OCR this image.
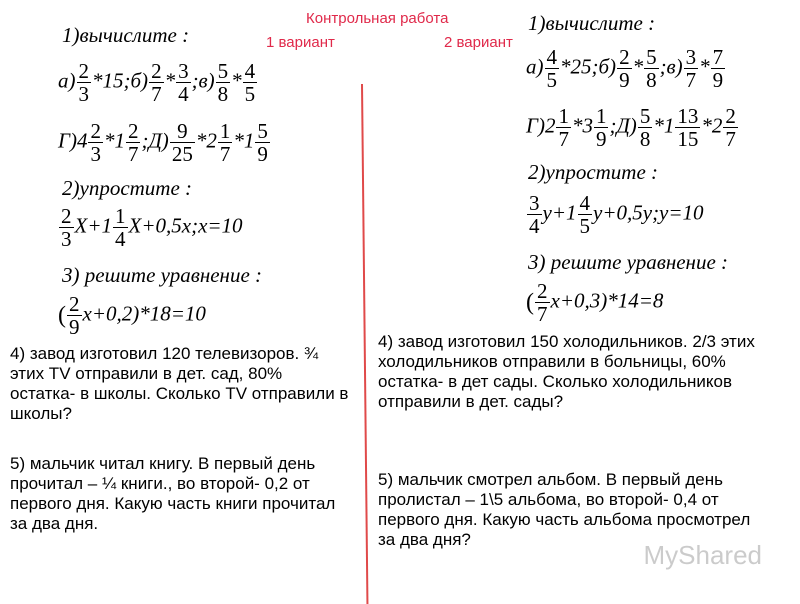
Контрольная работа
1 вариант	2 вариант
1)вычислите :
$a) \frac{2}{3}$ *15;б) $\frac{2}{7} * \frac{3}{4}$ ;в) $\frac{5}{8} * \frac{4}{5}$
$Г)4 \frac{2}{3} *1 \frac{2}{7}$ ;Д) $\frac{9}{25} *2 \frac{1}{7} *1 \frac{5}{9}$
2)упростите :
$\frac{2}{3} X+1 \frac{1}{4}$ X+0,5x;x=10
3) решите уравнение :
( $\frac{2}{9} x+0,2)*18=10$

4) завод изготовил 120 телевизоров. ¾ этих TV отправили в дет. сад, 80% остатка- в школы. Сколько TV отправили в школы?

5) мальчик читал книгу. В первый день прочитал – ¼ книги., во второй- 0,2 от первого дня. Какую часть книги прочитал за два дня.

1)вычислите :
$a) \frac{4}{5}$ *25;б) $\frac{2}{9} * \frac{5}{8}$ ;в) $\frac{3}{7} * \frac{7}{9}$
$Г)2 \frac{1}{7} *3 \frac{1}{9}$ ;Д) $\frac{5}{8} *1 \frac{13}{15} *2 \frac{2}{7}$
2)упростите :
$\frac{3}{4} y+1 \frac{4}{5}$ y+0,5y;y=10
3) решите уравнение :
( $\frac{2}{7} x+0,3)*14=8$

4) завод изготовил 150 холодильников. 2/3 этих холодильников отправили в больницы, 60% остатка- в дет сады. Сколько холодильников отправили в дет. сады?

5) мальчик смотрел альбом. В первый день пролистал – 1\5 альбома, во второй- 0,4 от первого дня. Какую часть альбома просмотрел за два дня?

MyShared
